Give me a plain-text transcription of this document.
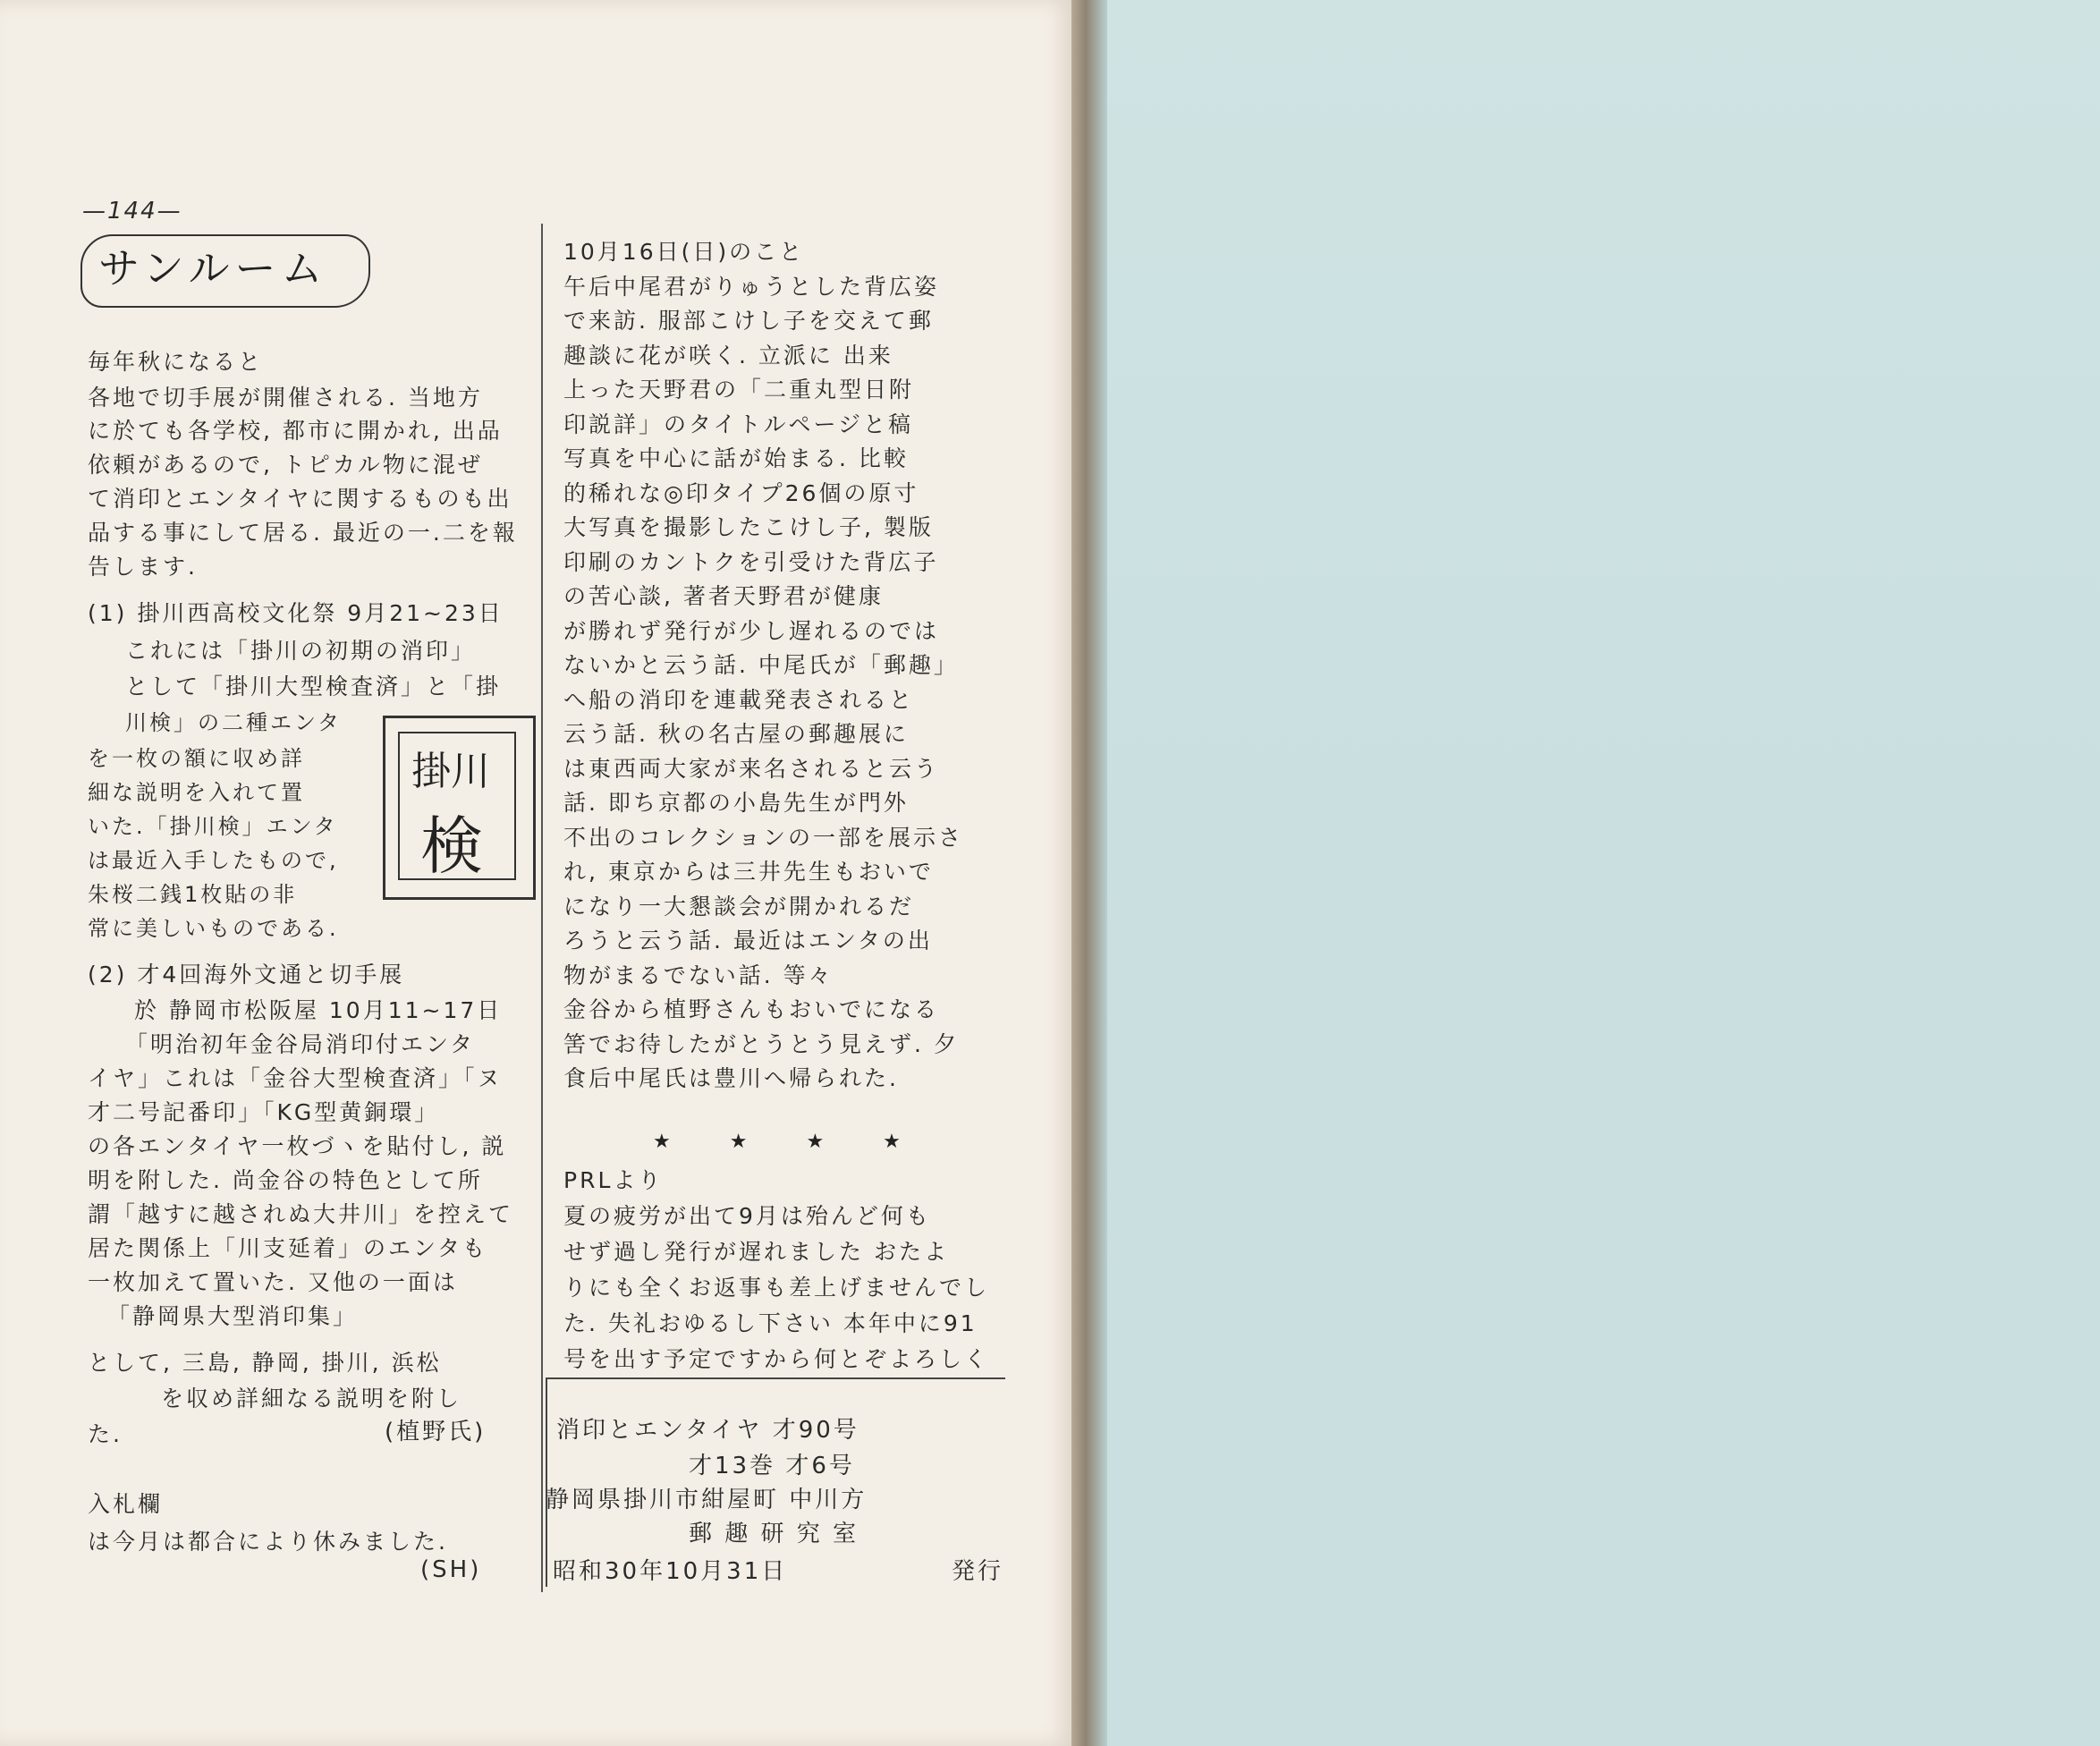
—144—
サンルーム
毎年秋になると
各地で切手展が開催される. 当地方
に於ても各学校, 都市に開かれ, 出品
依頼があるので, トピカル物に混ぜ
て消印とエンタイヤに関するものも出
品する事にして居る. 最近の一.二を報
告します.
(1) 掛川西高校文化祭 9月21~23日
これには「掛川の初期の消印」
として「掛川大型検査済」と「掛
川検」の二種エンタ
を一枚の額に収め詳
細な説明を入れて置
いた.「掛川検」エンタ
は最近入手したもので,
朱桜二銭1枚貼の非
常に美しいものである.
(2) 才4回海外文通と切手展
於 静岡市松阪屋 10月11~17日
「明治初年金谷局消印付エンタ
イヤ」これは「金谷大型検査済」「ヌ
才二号記番印」「KG型黄銅環」
の各エンタイヤ一枚づヽを貼付し, 説
明を附した. 尚金谷の特色として所
謂「越すに越されぬ大井川」を控えて
居た関係上「川支延着」のエンタも
一枚加えて置いた. 又他の一面は
「静岡県大型消印集」
として, 三島, 静岡, 掛川, 浜松
を収め詳細なる説明を附し
た.
入札欄
は今月は都合により休みました.
10月16日(日)のこと
午后中尾君がりゅうとした背広姿
で来訪. 服部こけし子を交えて郵
趣談に花が咲く. 立派に 出来
上った天野君の「二重丸型日附
印説詳」のタイトルページと稿
写真を中心に話が始まる. 比較
的稀れな◎印タイプ26個の原寸
大写真を撮影したこけし子, 製版
印刷のカントクを引受けた背広子
の苦心談, 著者天野君が健康
が勝れず発行が少し遅れるのでは
ないかと云う話. 中尾氏が「郵趣」
へ船の消印を連載発表されると
云う話. 秋の名古屋の郵趣展に
は東西両大家が来名されると云う
話. 即ち京都の小島先生が門外
不出のコレクションの一部を展示さ
れ, 東京からは三井先生もおいで
になり一大懇談会が開かれるだ
ろうと云う話. 最近はエンタの出
物がまるでない話. 等々
金谷から植野さんもおいでになる
筈でお待したがとうとう見えず. 夕
食后中尾氏は豊川へ帰られた.
PRLより
夏の疲労が出て9月は殆んど何も
せず過し発行が遅れました おたよ
りにも全くお返事も差上げませんでし
た. 失礼おゆるし下さい 本年中に91
号を出す予定ですから何とぞよろしく
掛川
検
(植野氏)
(SH)
★★★★
消印とエンタイヤ 才90号
才13巻 才6号
静岡県掛川市紺屋町 中川方
郵 趣 研 究 室
昭和30年10月31日	発行
